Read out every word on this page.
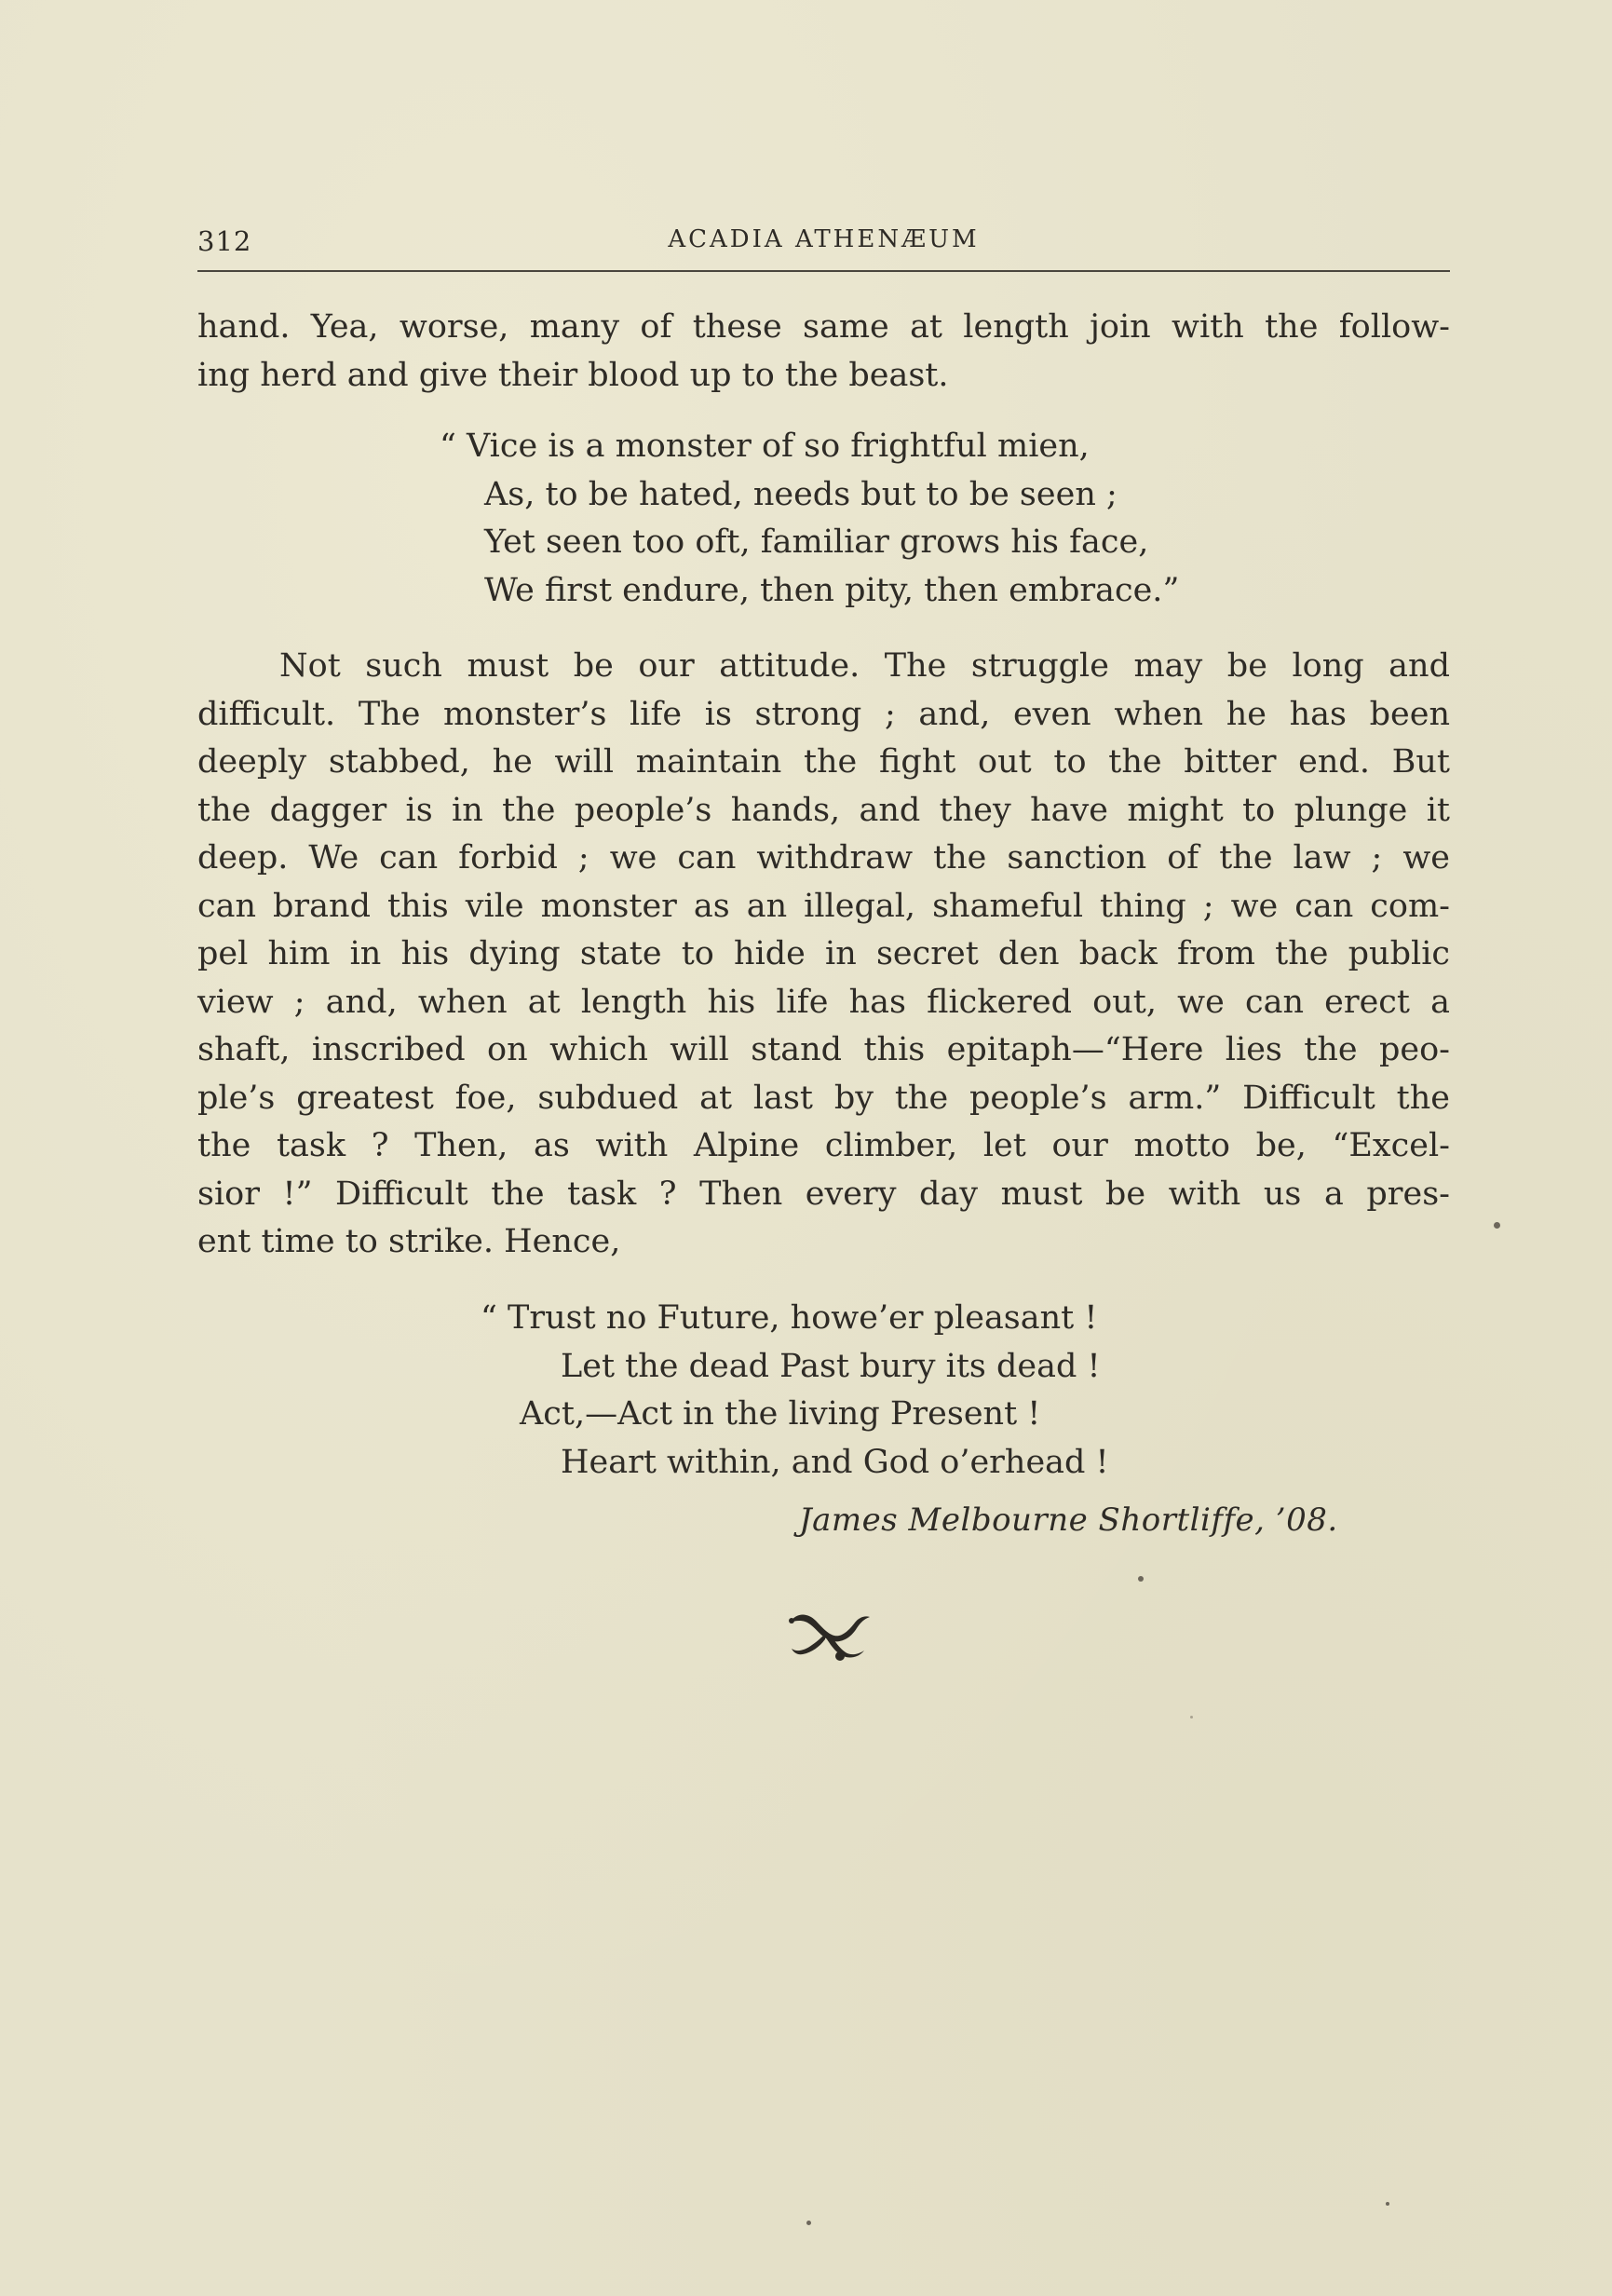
312	ACADIA ATHENÆUM
hand. Yea, worse, many of these same at length join with the follow-
ing herd and give their blood up to the beast.
“ Vice is a monster of so frightful mien,
As, to be hated, needs but to be seen ;
Yet seen too oft, familiar grows his face,
We first endure, then pity, then embrace.”
Not such must be our attitude. The struggle may be long and
difficult. The monster’s life is strong ; and, even when he has been
deeply stabbed, he will maintain the fight out to the bitter end. But
the dagger is in the people’s hands, and they have might to plunge it
deep. We can forbid ; we can withdraw the sanction of the law ; we
can brand this vile monster as an illegal, shameful thing ; we can com-
pel him in his dying state to hide in secret den back from the public
view ; and, when at length his life has flickered out, we can erect a
shaft, inscribed on which will stand this epitaph—“Here lies the peo-
ple’s greatest foe, subdued at last by the people’s arm.” Difficult the
the task ? Then, as with Alpine climber, let our motto be, “Excel-
sior !” Difficult the task ? Then every day must be with us a pres-
ent time to strike. Hence,
“ Trust no Future, howe’er pleasant !
Let the dead Past bury its dead !
Act,—Act in the living Present !
Heart within, and God o’erhead !
James Melbourne Shortliffe, ’08.
